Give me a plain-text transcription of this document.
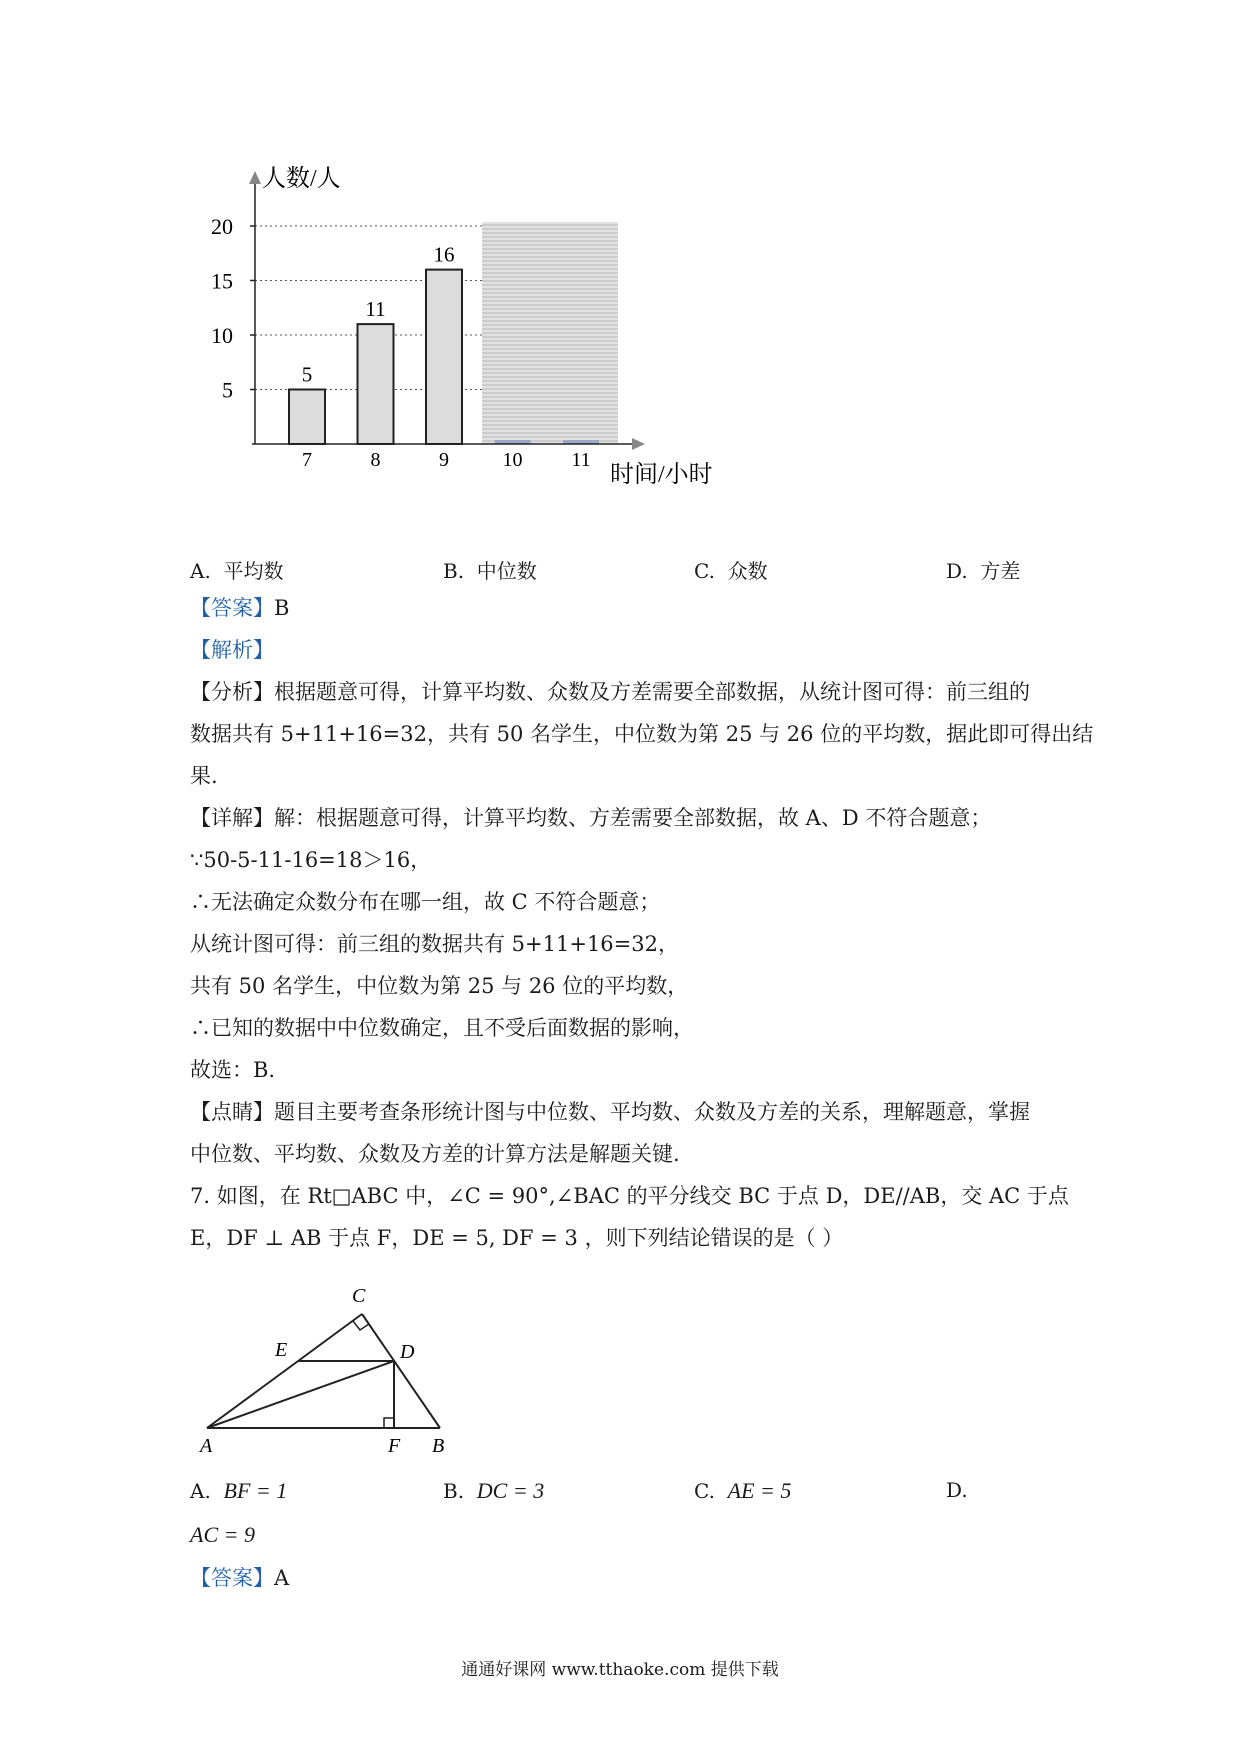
5
11
16
5
10
15
20
7	8	9	10 11
人数/人
时间/小时
A. 平均数	B. 中位数	C. 众数	D. 方差
【答案】B
【解析】
【分析】根据题意可得，计算平均数、众数及方差需要全部数据，从统计图可得：前三组的
数据共有 5+11+16=32，共有 50 名学生，中位数为第 25 与 26 位的平均数，据此即可得出结
果.
【详解】解：根据题意可得，计算平均数、方差需要全部数据，故 A、D 不符合题意；
∵50-5-11-16=18＞16，
∴无法确定众数分布在哪一组，故 C 不符合题意；
从统计图可得：前三组的数据共有 5+11+16=32，
共有 50 名学生，中位数为第 25 与 26 位的平均数，
∴已知的数据中中位数确定，且不受后面数据的影响，
故选：B.
【点睛】题目主要考查条形统计图与中位数、平均数、众数及方差的关系，理解题意，掌握
中位数、平均数、众数及方差的计算方法是解题关键.
7. 如图，在 Rt□ABC 中，∠C = 90°,∠BAC 的平分线交 BC 于点 D，DE//AB，交 AC 于点
E，DF ⊥ AB 于点 F，DE = 5, DF = 3 ，则下列结论错误的是（ ）
A	B
C
D
E
F
A. BF = 1	B. DC = 3	C. AE = 5	D.
AC = 9
【答案】A
通通好课网 www.tthaoke.com 提供下载
